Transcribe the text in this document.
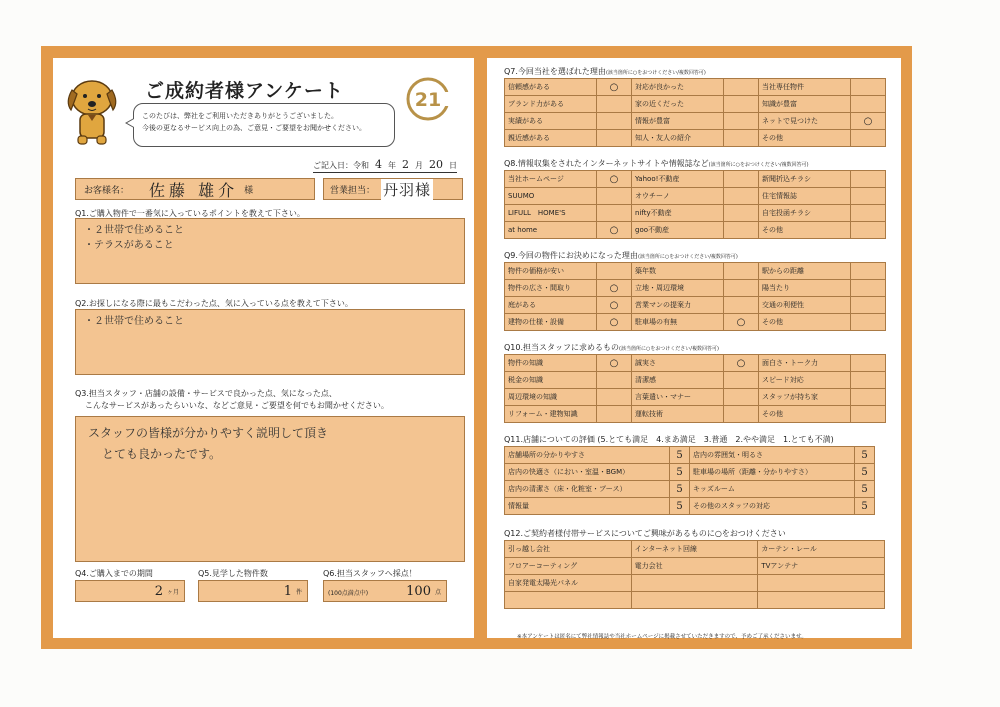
ご成約者様アンケート	21
このたびは、弊社をご利用いただきありがとうございました。
今後の更なるサービス向上の為、ご意見・ご要望をお聞かせください。
ご記入日：令和 4 年 2 月 20 日
お客様名： 佐藤 雄介 様	営業担当： 丹羽様
Q1.ご購入物件で一番気に入っているポイントを教えて下さい。
・２世帯で住めること
・テラスがあること
Q2.お探しになる際に最もこだわった点、気に入っている点を教えて下さい。
・２世帯で住めること
Q3.担当スタッフ・店舗の設備・サービスで良かった点、気になった点、
こんなサービスがあったらいいな、などご意見・ご要望を何でもお聞かせください。
スタッフの皆様が分かりやすく説明して頂き
とても良かったです。
Q4.ご購入までの期間
2 ヶ月
Q5.見学した物件数
1 件
Q6.担当スタッフへ採点！
(100点満点中)	100 点
Q7.今回当社を選ばれた理由(該当箇所に○をおつけください/複数回答可)
信頼感がある	○	対応が良かった		当社専任物件	
ブランド力がある		家の近くだった		知識が豊富	
実績がある		情報が豊富		ネットで見つけた	○
親近感がある		知人・友人の紹介		その他	
Q8.情報収集をされたインターネットサイトや情報誌など(該当箇所に○をおつけください/複数回答可)
当社ホームページ	○	Yahoo!不動産		新聞折込チラシ	
SUUMO		オウチーノ		住宅情報誌	
LIFULL　HOME'S		nifty不動産		自宅投函チラシ	
at home	○	goo不動産		その他	
Q9.今回の物件にお決めになった理由(該当箇所に○をおつけください/複数回答可)
物件の価格が安い		築年数		駅からの距離	
物件の広さ・間取り	○	立地・周辺環境		陽当たり	
庭がある	○	営業マンの提案力		交通の利便性	
建物の仕様・設備	○	駐車場の有無	○	その他	
Q10.担当スタッフに求めるもの(該当箇所に○をおつけください/複数回答可)
物件の知識	○	誠実さ	○	面白さ・トーク力	
税金の知識		清潔感		スピード対応	
周辺環境の知識		言葉遣い・マナー		スタッフが持ち家	
リフォーム・建物知識		運転技術		その他	
Q11.店舗についての評価 (5.とても満足　4.まあ満足　3.普通　2.やや満足　1.とても不満)
店舗場所の分かりやすさ	5	店内の雰囲気・明るさ	5
店内の快適さ（におい・室温・BGM）	5	駐車場の場所（距離・分かりやすさ）	5
店内の清潔さ（床・化粧室・ブース）	5	キッズルーム	5
情報量	5	その他のスタッフの対応	5
Q12.ご契約者様付帯サービスについてご興味があるものに○をおつけください
引っ越し会社	インターネット回線	カーテン・レール
フロアーコーティング	電力会社	TVアンテナ
自家発電太陽光パネル		

※本アンケートは匿名にて弊社情報誌や当社ホームページに掲載させていただきますので、予めご了承くださいませ。
